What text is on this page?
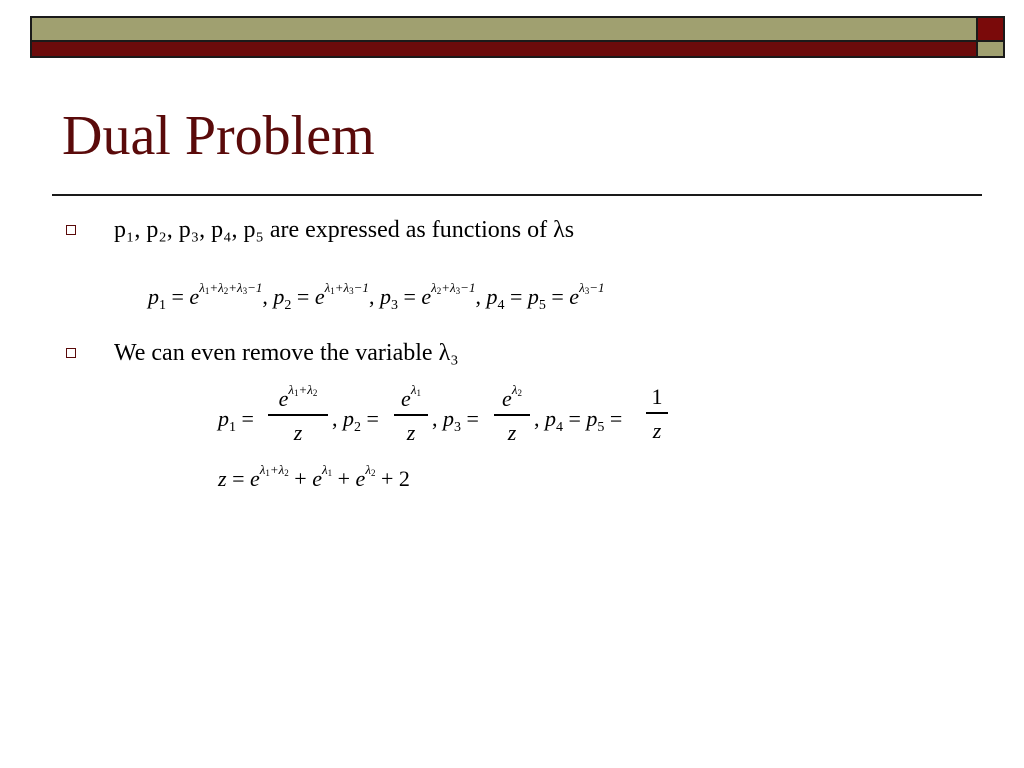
Dual Problem
p₁, p₂, p₃, p₄, p₅ are expressed as functions of λs
$p_1 = e^{\lambda_1+\lambda_2+\lambda_3-1}$, $p_2 = e^{\lambda_1+\lambda_3-1}$, $p_3 = e^{\lambda_2+\lambda_3-1}$, $p_4 = p_5 = e^{\lambda_3-1}$
We can even remove the variable λ₃
$p_1$ =
$e^{\lambda_1+\lambda_2}$
z
, $p_2$ =
$e^{\lambda_1}$
z
, $p_3$ =
$e^{\lambda_2}$
z
, $p_4 = p_5$ =
1
z
$z = e^{\lambda_1+\lambda_2} + e^{\lambda_1} + e^{\lambda_2} + 2$
